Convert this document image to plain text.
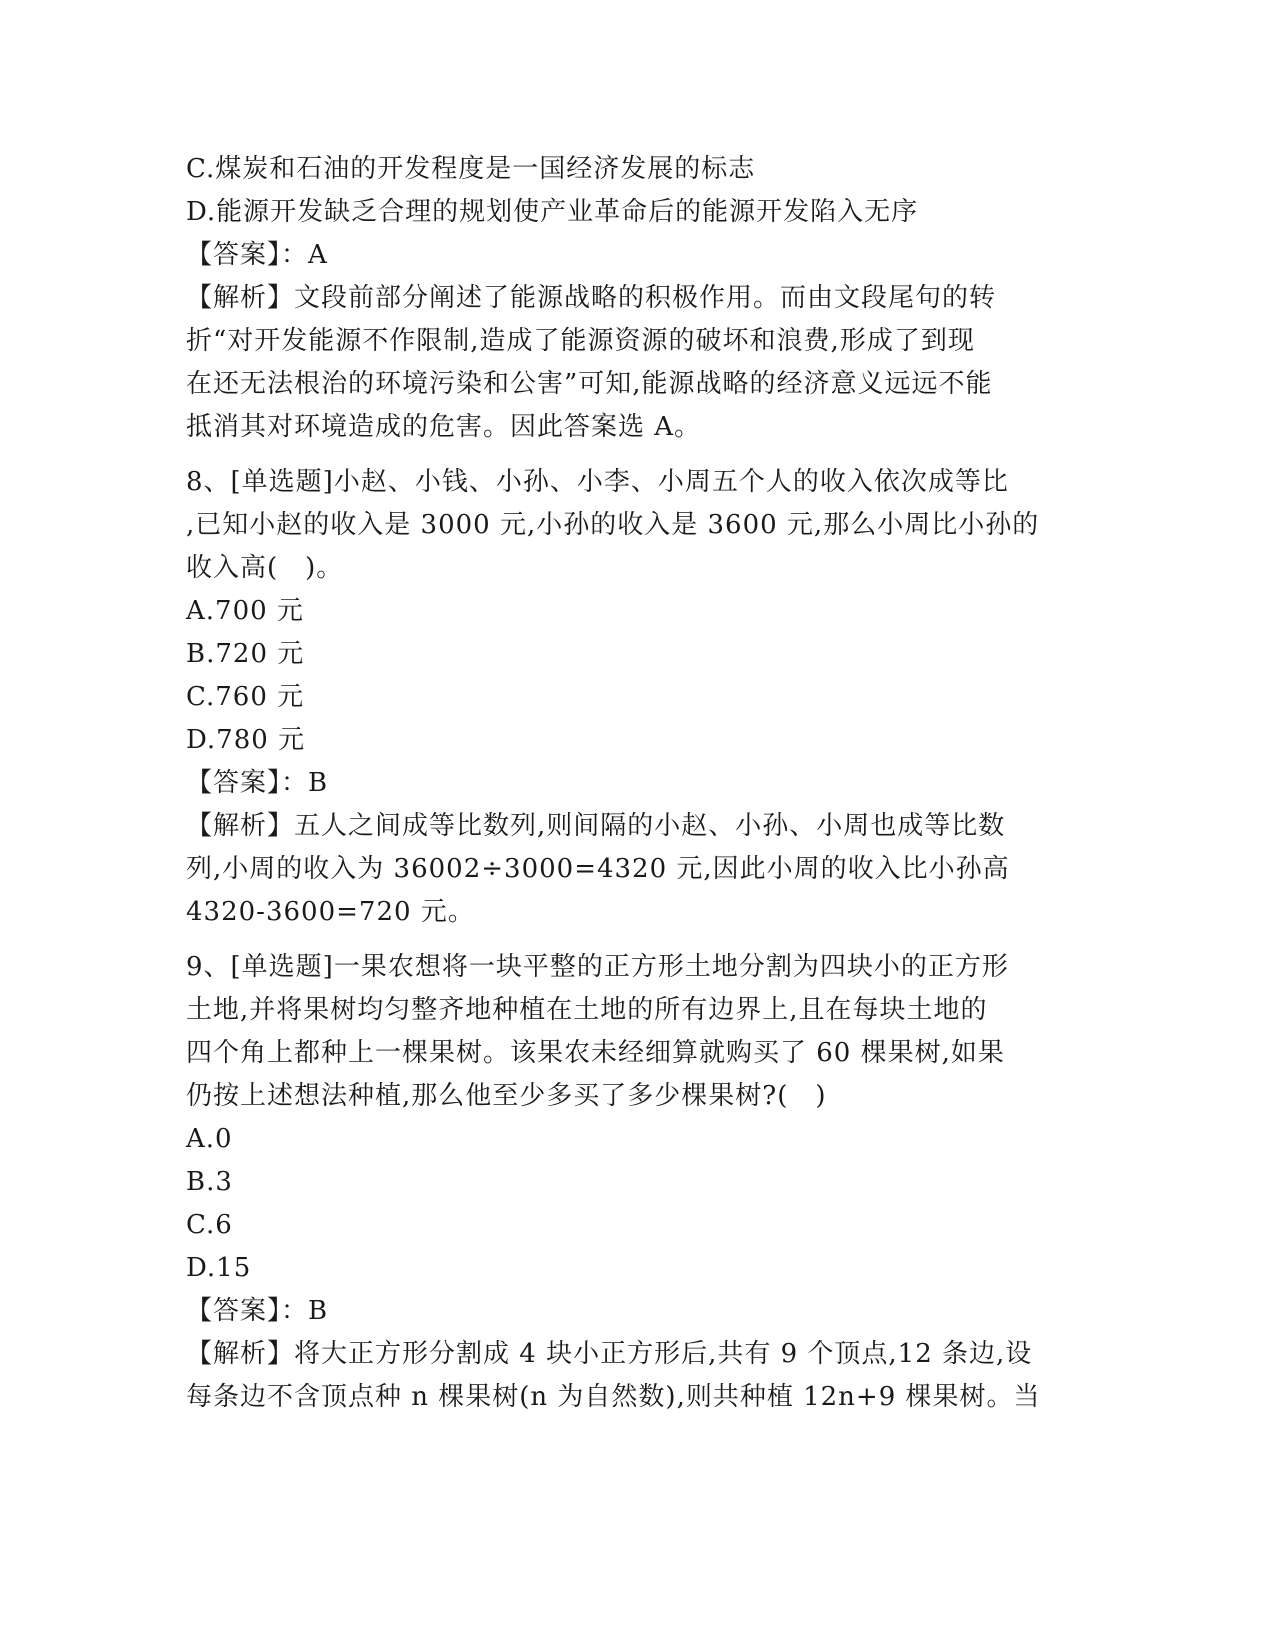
C.煤炭和石油的开发程度是一国经济发展的标志
D.能源开发缺乏合理的规划使产业革命后的能源开发陷入无序
【答案】：A
【解析】文段前部分阐述了能源战略的积极作用。而由文段尾句的转
折“对开发能源不作限制,造成了能源资源的破坏和浪费,形成了到现
在还无法根治的环境污染和公害”可知,能源战略的经济意义远远不能
抵消其对环境造成的危害。因此答案选 A。
8、[单选题]小赵、小钱、小孙、小李、小周五个人的收入依次成等比
,已知小赵的收入是 3000 元,小孙的收入是 3600 元,那么小周比小孙的
收入高(　)。
A.700 元
B.720 元
C.760 元
D.780 元
【答案】：B
【解析】五人之间成等比数列,则间隔的小赵、小孙、小周也成等比数
列,小周的收入为 36002÷3000=4320 元,因此小周的收入比小孙高
4320-3600=720 元。
9、[单选题]一果农想将一块平整的正方形土地分割为四块小的正方形
土地,并将果树均匀整齐地种植在土地的所有边界上,且在每块土地的
四个角上都种上一棵果树。该果农未经细算就购买了 60 棵果树,如果
仍按上述想法种植,那么他至少多买了多少棵果树?(　)
A.0
B.3
C.6
D.15
【答案】：B
【解析】将大正方形分割成 4 块小正方形后,共有 9 个顶点,12 条边,设
每条边不含顶点种 n 棵果树(n 为自然数),则共种植 12n+9 棵果树。当
